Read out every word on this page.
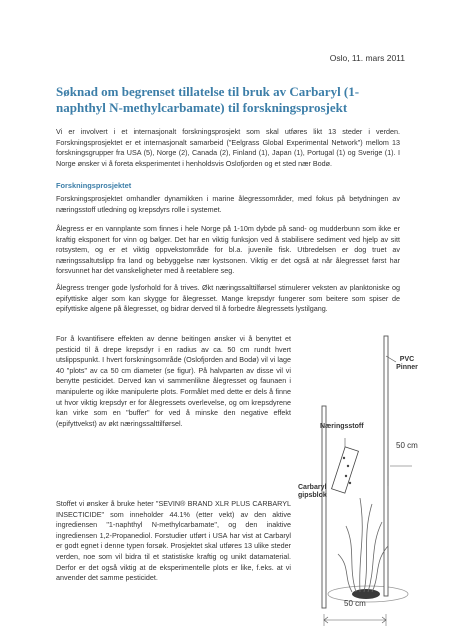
Oslo, 11. mars 2011
Søknad om begrenset tillatelse til bruk av Carbaryl (1-naphthyl N-methylcarbamate) til forskningsprosjekt

Vi er involvert i et internasjonalt forskningsprosjekt som skal utføres likt 13 steder i verden. Forskningsprosjektet er et internasjonalt samarbeid ("Eelgrass Global Experimental Network") mellom 13 forskningsgrupper fra USA (5), Norge (2), Canada (2), Finland (1), Japan (1), Portugal (1) og Sverige (1). I Norge ønsker vi å foreta eksperimentet i henholdsvis Oslofjorden og et sted nær Bodø.

Forskningsprosjektet

Forskningsprosjektet omhandler dynamikken i marine ålegressområder, med fokus på betydningen av næringsstoff utledning og krepsdyrs rolle i systemet.

Ålegress er en vannplante som finnes i hele Norge på 1-10m dybde på sand- og mudderbunn som ikke er kraftig eksponert for vinn og bølger. Det har en viktig funksjon ved å stabilisere sediment ved hjelp av sitt rotsystem, og er et viktig oppvekstområde for bl.a. juvenile fisk. Utbredelsen er dog truet av næringssaltutslipp fra land og bebyggelse nær kystsonen. Viktig er det også at når ålegresset først har forsvunnet har det vanskeligheter med å reetablere seg.

Ålegress trenger gode lysforhold for å trives. Økt næringssalttilførsel stimulerer veksten av planktoniske og epifyttiske alger som kan skygge for ålegresset. Mange krepsdyr fungerer som beitere som spiser de epifyttiske algene på ålegresset, og bidrar derved til å forbedre ålegressets lystilgang.

For å kvantifisere effekten av denne beitingen ønsker vi å benyttet et pesticid til å drepe krepsdyr i en radius av ca. 50 cm rundt hvert utslippspunkt. I hvert forskningsområde (Oslofjorden and Bodø) vil vi lage 40 "plots" av ca 50 cm diameter (se figur). På halvparten av disse vil vi benytte pesticidet. Derved kan vi sammenlikne ålegresset og faunaen i manipulerte og ikke manipulerte plots. Formålet med dette er dels å finne ut hvor viktig krepsdyr er for ålegressets overlevelse, og om krepsdyrene kan virke som en "buffer" for ved å minske den negative effekt (epifyttvekst) av økt næringssalttilførsel.

Stoffet vi ønsker å bruke heter "SEVIN® BRAND XLR PLUS CARBARYL INSECTICIDE" som inneholder 44.1% (etter vekt) av den aktive ingrediensen "1-naphthyl N-methylcarbamate", og den inaktive ingrediensen 1,2-Propanediol. Forstudier utført i USA har vist at Carbaryl er godt egnet i denne typen forsøk. Prosjektet skal utføres 13 ulike steder verden, noe som vil bidra til et statistiske kraftig og unikt datamaterial. Derfor er det også viktig at de eksperimentelle plots er like, f.eks. at vi anvender det samme pesticidet.

PVC Pinner
Næringsstoff
50 cm
Carbaryl gipsblok
50 cm
